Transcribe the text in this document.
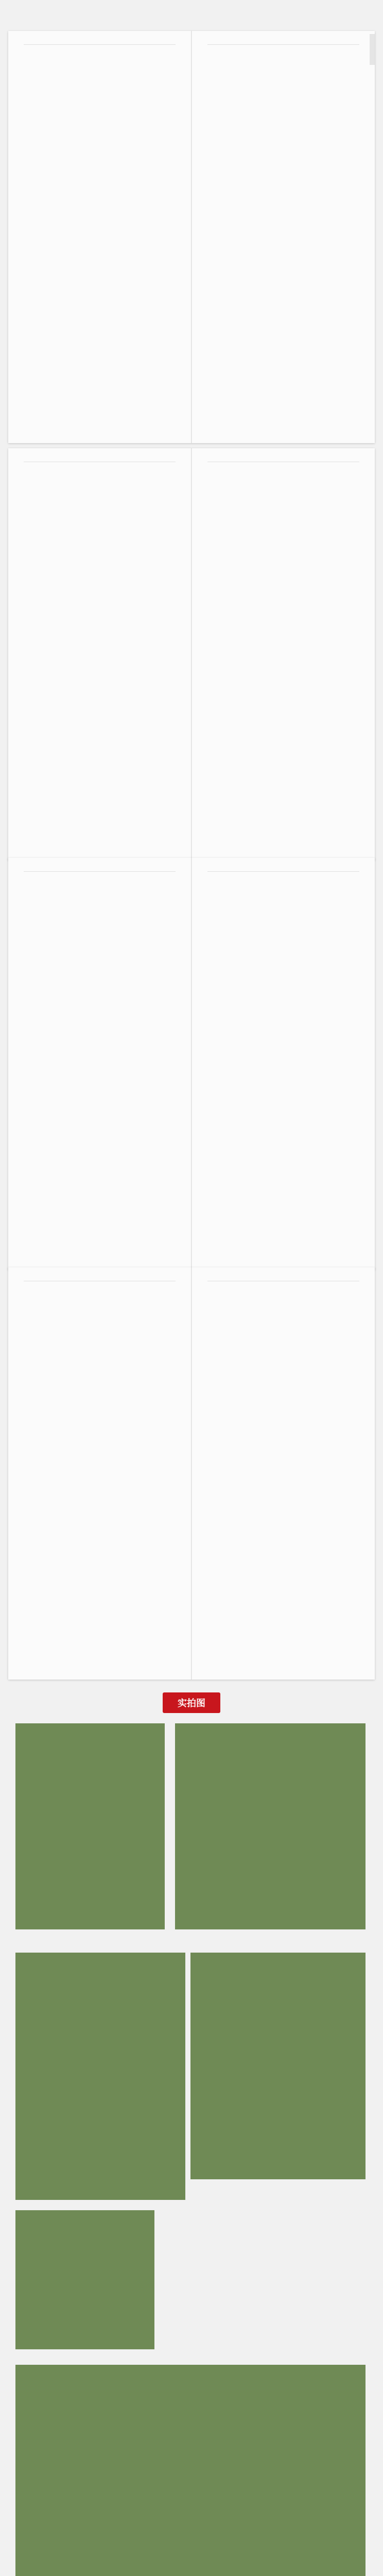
实拍图
